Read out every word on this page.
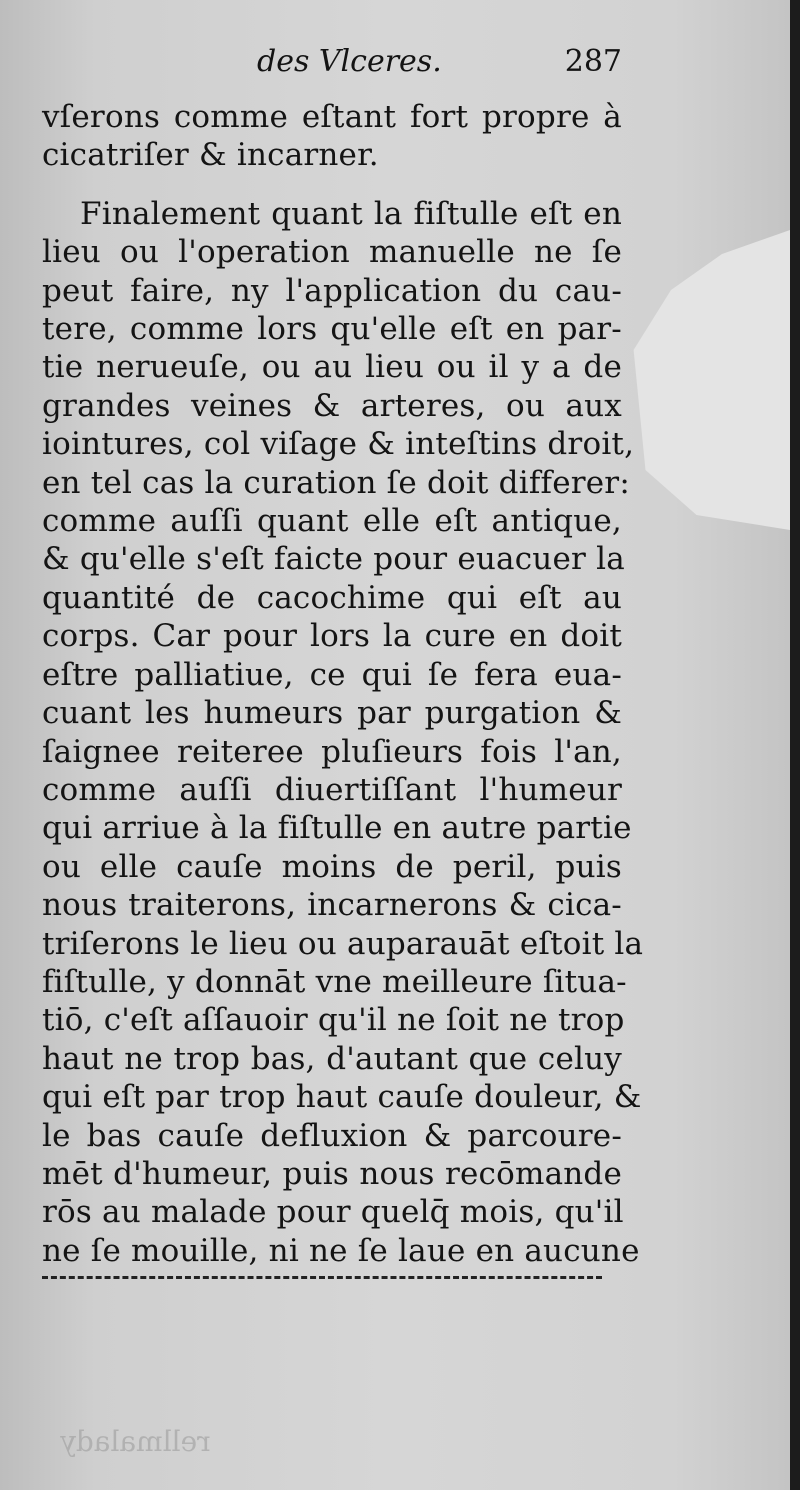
des Vlceres.	287
vſerons comme eſtant fort propre à
cicatriſer & incarner.
Finalement quant la fiſtulle eſt en
lieu ou l'operation manuelle ne ſe
peut faire, ny l'application du cau-
tere, comme lors qu'elle eſt en par-
tie nerueuſe, ou au lieu ou il y a de
grandes veines & arteres, ou aux
iointures, col viſage & inteſtins droit,
en tel cas la curation ſe doit differer:
comme auſſi quant elle eſt antique,
& qu'elle s'eſt faicte pour euacuer la
quantité de cacochime qui eſt au
corps. Car pour lors la cure en doit
eſtre palliatiue, ce qui ſe fera eua-
cuant les humeurs par purgation &
ſaignee reiteree pluſieurs fois l'an,
comme auſſi diuertiſſant l'humeur
qui arriue à la fiſtulle en autre partie
ou elle cauſe moins de peril, puis
nous traiterons, incarnerons & cica-
triſerons le lieu ou auparauāt eſtoit la
fiſtulle, y donnāt vne meilleure ſitua-
tiō, c'eſt aſſauoir qu'il ne ſoit ne trop
haut ne trop bas, d'autant que celuy
qui eſt par trop haut cauſe douleur, &
le bas cauſe defluxion & parcoure-
mēt d'humeur, puis nous recōmande
rōs au malade pour quelq̄ mois, qu'il
ne ſe mouille, ni ne ſe laue en aucune
rellmalady
